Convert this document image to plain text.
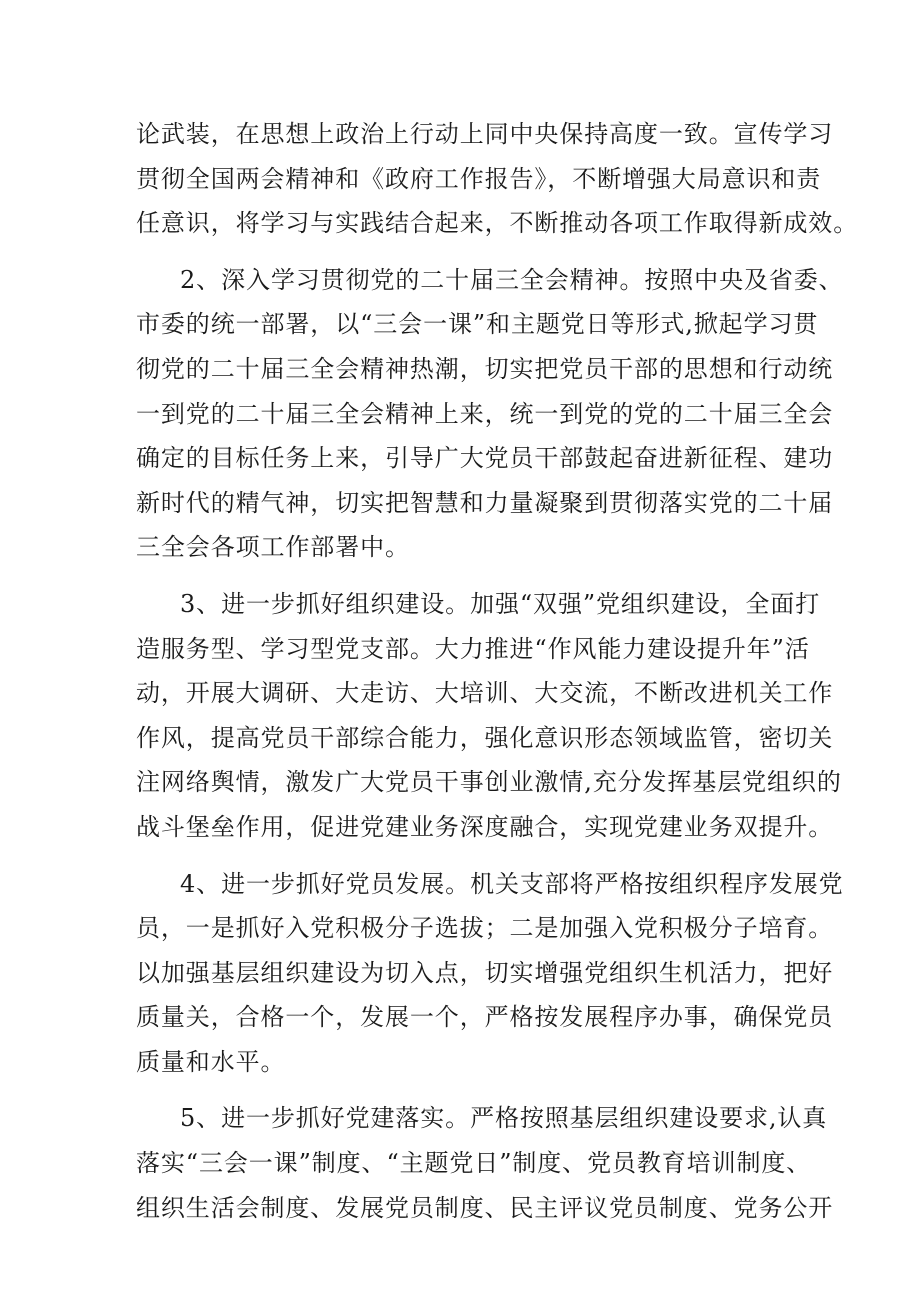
论武装，在思想上政治上行动上同中央保持高度一致。宣传学习
贯彻全国两会精神和《政府工作报告》，不断增强大局意识和责
任意识，将学习与实践结合起来，不断推动各项工作取得新成效。
2、深入学习贯彻党的二十届三全会精神。按照中央及省委、
市委的统一部署，以“三会一课”和主题党日等形式,掀起学习贯
彻党的二十届三全会精神热潮，切实把党员干部的思想和行动统
一到党的二十届三全会精神上来，统一到党的党的二十届三全会
确定的目标任务上来，引导广大党员干部鼓起奋进新征程、建功
新时代的精气神，切实把智慧和力量凝聚到贯彻落实党的二十届
三全会各项工作部署中。
3、进一步抓好组织建设。加强“双强”党组织建设，全面打
造服务型、学习型党支部。大力推进“作风能力建设提升年”活
动，开展大调研、大走访、大培训、大交流，不断改进机关工作
作风，提高党员干部综合能力，强化意识形态领域监管，密切关
注网络舆情，激发广大党员干事创业激情,充分发挥基层党组织的
战斗堡垒作用，促进党建业务深度融合，实现党建业务双提升。
4、进一步抓好党员发展。机关支部将严格按组织程序发展党
员，一是抓好入党积极分子选拔；二是加强入党积极分子培育。
以加强基层组织建设为切入点，切实增强党组织生机活力，把好
质量关，合格一个，发展一个，严格按发展程序办事，确保党员
质量和水平。
5、进一步抓好党建落实。严格按照基层组织建设要求,认真
落实“三会一课”制度、“主题党日”制度、党员教育培训制度、
组织生活会制度、发展党员制度、民主评议党员制度、党务公开
